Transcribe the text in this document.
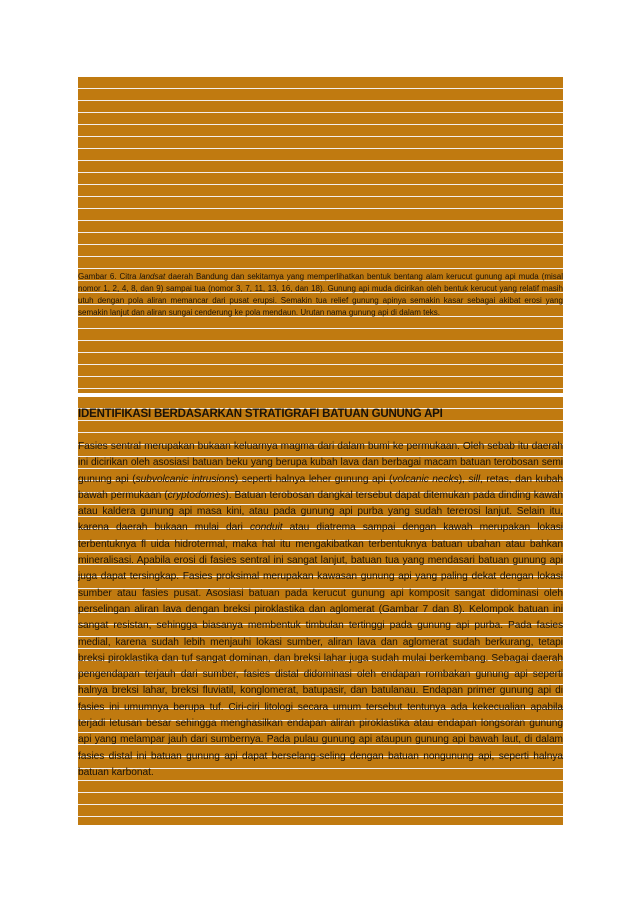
Gambar 6. Citra landsat daerah Bandung dan sekitarnya yang memperlihatkan bentuk bentang alam kerucut gunung api muda (misal nomor 1, 2, 4, 8, dan 9) sampai tua (nomor 3, 7, 11, 13, 16, dan 18). Gunung api muda dicirikan oleh bentuk kerucut yang relatif masih utuh dengan pola aliran memancar dari pusat erupsi. Semakin tua relief gunung apinya semakin kasar sebagai akibat erosi yang semakin lanjut dan aliran sungai cenderung ke pola mendaun. Urutan nama gunung api di dalam teks.
IDENTIFIKASI BERDASARKAN STRATIGRAFI BATUAN GUNUNG API
Fasies sentral merupakan bukaan keluarnya magma dari dalam bumi ke permukaan. Oleh sebab itu daerah ini dicirikan oleh asosiasi batuan beku yang berupa kubah lava dan berbagai macam batuan terobosan semi gunung api (subvolcanic intrusions) seperti halnya leher gunung api (volcanic necks), sill, retas, dan kubah bawah permukaan (cryptodomes). Batuan terobosan dangkal tersebut dapat ditemukan pada dinding kawah atau kaldera gunung api masa kini, atau pada gunung api purba yang sudah tererosi lanjut. Selain itu, karena daerah bukaan mulai dari conduit atau diatrema sampai dengan kawah merupakan lokasi terbentuknya fl uida hidrotermal, maka hal itu mengakibatkan terbentuknya batuan ubahan atau bahkan mineralisasi. Apabila erosi di fasies sentral ini sangat lanjut, batuan tua yang mendasari batuan gunung api juga dapat tersingkap. Fasies proksimal merupakan kawasan gunung api yang paling dekat dengan lokasi sumber atau fasies pusat. Asosiasi batuan pada kerucut gunung api komposit sangat didominasi oleh perselingan aliran lava dengan breksi piroklastika dan aglomerat (Gambar 7 dan 8). Kelompok batuan ini sangat resistan, sehingga biasanya membentuk timbulan tertinggi pada gunung api purba. Pada fasies medial, karena sudah lebih menjauhi lokasi sumber, aliran lava dan aglomerat sudah berkurang, tetapi breksi piroklastika dan tuf sangat dominan, dan breksi lahar juga sudah mulai berkembang. Sebagai daerah pengendapan terjauh dari sumber, fasies distal didominasi oleh endapan rombakan gunung api seperti halnya breksi lahar, breksi fluviatil, konglomerat, batupasir, dan batulanau. Endapan primer gunung api di fasies ini umumnya berupa tuf. Ciri-ciri litologi secara umum tersebut tentunya ada kekecualian apabila terjadi letusan besar sehingga menghasilkan endapan aliran piroklastika atau endapan longsoran gunung api yang melampar jauh dari sumbernya. Pada pulau gunung api ataupun gunung api bawah laut, di dalam fasies distal ini batuan gunung api dapat berselang-seling dengan batuan nongunung api, seperti halnya batuan karbonat.
